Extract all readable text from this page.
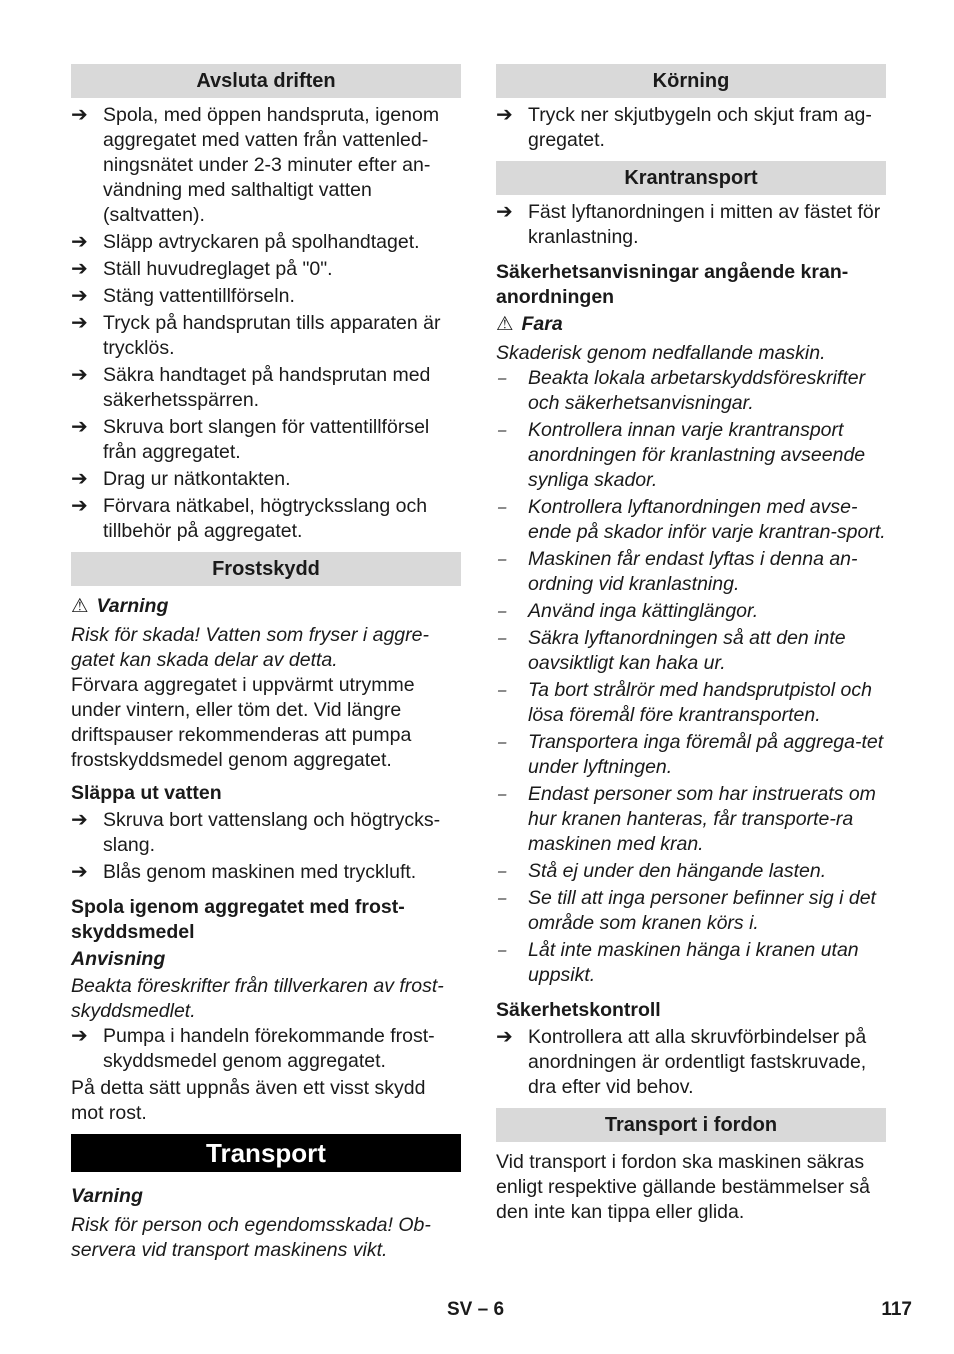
Avsluta driften
➔ Spola, med öppen handspruta, igenom aggregatet med vatten från vattenled-ningsnätet under 2-3 minuter efter an-vändning med salthaltigt vatten (saltvatten).
➔ Släpp avtryckaren på spolhandtaget.
➔ Ställ huvudreglaget på "0".
➔ Stäng vattentillförseln.
➔ Tryck på handsprutan tills apparaten är trycklös.
➔ Säkra handtaget på handsprutan med säkerhetsspärren.
➔ Skruva bort slangen för vattentillförsel från aggregatet.
➔ Drag ur nätkontakten.
➔ Förvara nätkabel, högtrycksslang och tillbehör på aggregatet.
Frostskydd
⚠ Varning
Risk för skada! Vatten som fryser i aggre-gatet kan skada delar av detta.
Förvara aggregatet i uppvärmt utrymme under vintern, eller töm det. Vid längre driftspauser rekommenderas att pumpa frostskyddsmedel genom aggregatet.
Släppa ut vatten
➔ Skruva bort vattenslang och högtrycks-slang.
➔ Blås genom maskinen med tryckluft.
Spola igenom aggregatet med frost-skyddsmedel
Anvisning
Beakta föreskrifter från tillverkaren av frost-skyddsmedlet.
➔ Pumpa i handeln förekommande frost-skyddsmedel genom aggregatet.
På detta sätt uppnås även ett visst skydd mot rost.
Transport
Varning
Risk för person och egendomsskada! Ob-servera vid transport maskinens vikt.
Körning
➔ Tryck ner skjutbygeln och skjut fram ag-gregatet.
Krantransport
➔ Fäst lyftanordningen i mitten av fästet för kranlastning.
Säkerhetsanvisningar angående kran-anordningen
⚠ Fara
Skaderisk genom nedfallande maskin.
– Beakta lokala arbetarskyddsföreskrifter och säkerhetsanvisningar.
– Kontrollera innan varje krantransport anordningen för kranlastning avseende synliga skador.
– Kontrollera lyftanordningen med avse-ende på skador inför varje krantran-sport.
– Maskinen får endast lyftas i denna an-ordning vid kranlastning.
– Använd inga kättinglängor.
– Säkra lyftanordningen så att den inte oavsiktligt kan haka ur.
– Ta bort strålrör med handsprutpistol och lösa föremål före krantransporten.
– Transportera inga föremål på aggrega-tet under lyftningen.
– Endast personer som har instruerats om hur kranen hanteras, får transporte-ra maskinen med kran.
– Stå ej under den hängande lasten.
– Se till att inga personer befinner sig i det område som kranen körs i.
– Låt inte maskinen hänga i kranen utan uppsikt.
Säkerhetskontroll
➔ Kontrollera att alla skruvförbindelser på anordningen är ordentligt fastskruvade, dra efter vid behov.
Transport i fordon
Vid transport i fordon ska maskinen säkras enligt respektive gällande bestämmelser så den inte kan tippa eller glida.
SV – 6	117
